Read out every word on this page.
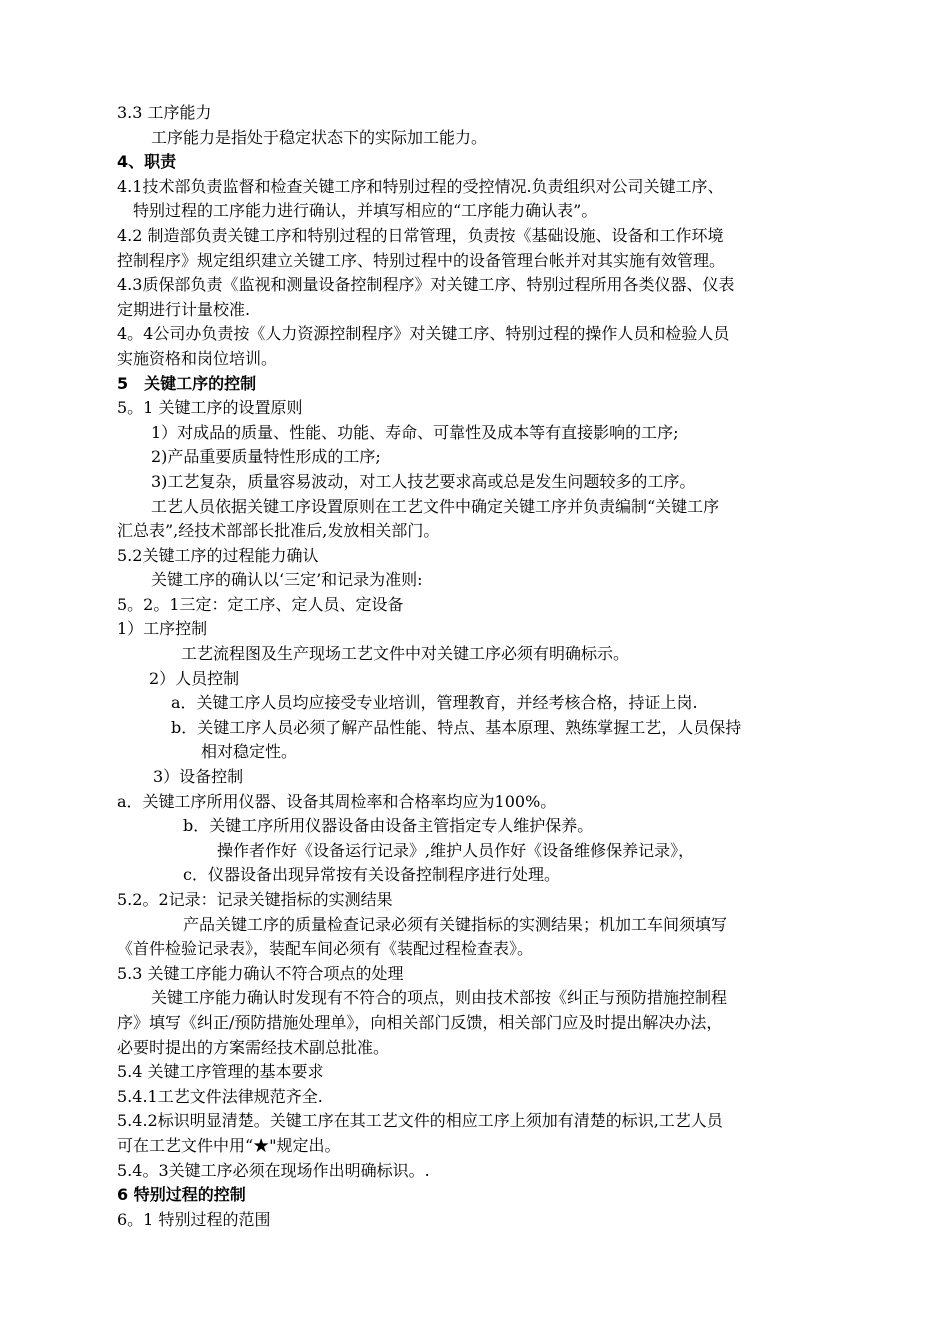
3.3 工序能力
工序能力是指处于稳定状态下的实际加工能力。
4、职责
4.1技术部负责监督和检查关键工序和特别过程的受控情况.负责组织对公司关键工序、
特别过程的工序能力进行确认，并填写相应的“工序能力确认表”。
4.2 制造部负责关键工序和特别过程的日常管理，负责按《基础设施、设备和工作环境
控制程序》规定组织建立关键工序、特别过程中的设备管理台帐并对其实施有效管理。
4.3质保部负责《监视和测量设备控制程序》对关键工序、特别过程所用各类仪器、仪表
定期进行计量校准.
4。4公司办负责按《人力资源控制程序》对关键工序、特别过程的操作人员和检验人员
实施资格和岗位培训。
5　关键工序的控制
5。1 关键工序的设置原则
1）对成品的质量、性能、功能、寿命、可靠性及成本等有直接影响的工序;
2)产品重要质量特性形成的工序;
3)工艺复杂，质量容易波动，对工人技艺要求高或总是发生问题较多的工序。
工艺人员依据关键工序设置原则在工艺文件中确定关键工序并负责编制“关键工序
汇总表”,经技术部部长批准后,发放相关部门。
5.2关键工序的过程能力确认
关键工序的确认以‘三定’和记录为准则:
5。2。1三定：定工序、定人员、定设备
1）工序控制
工艺流程图及生产现场工艺文件中对关键工序必须有明确标示。
2）人员控制
a．关键工序人员均应接受专业培训，管理教育，并经考核合格，持证上岗.
b．关键工序人员必须了解产品性能、特点、基本原理、熟练掌握工艺，人员保持
相对稳定性。
3）设备控制
a．关键工序所用仪器、设备其周检率和合格率均应为100%。
b．关键工序所用仪器设备由设备主管指定专人维护保养。
操作者作好《设备运行记录》,维护人员作好《设备维修保养记录》，
c．仪器设备出现异常按有关设备控制程序进行处理。
5.2。2记录：记录关键指标的实测结果
产品关键工序的质量检查记录必须有关键指标的实测结果；机加工车间须填写
《首件检验记录表》，装配车间必须有《装配过程检查表》。
5.3 关键工序能力确认不符合项点的处理
关键工序能力确认时发现有不符合的项点，则由技术部按《纠正与预防措施控制程
序》填写《纠正/预防措施处理单》，向相关部门反馈，相关部门应及时提出解决办法，
必要时提出的方案需经技术副总批准。
5.4 关键工序管理的基本要求
5.4.1工艺文件法律规范齐全.
5.4.2标识明显清楚。关键工序在其工艺文件的相应工序上须加有清楚的标识,工艺人员
可在工艺文件中用“★"规定出。
5.4。3关键工序必须在现场作出明确标识。.
6 特别过程的控制
6。1 特别过程的范围
